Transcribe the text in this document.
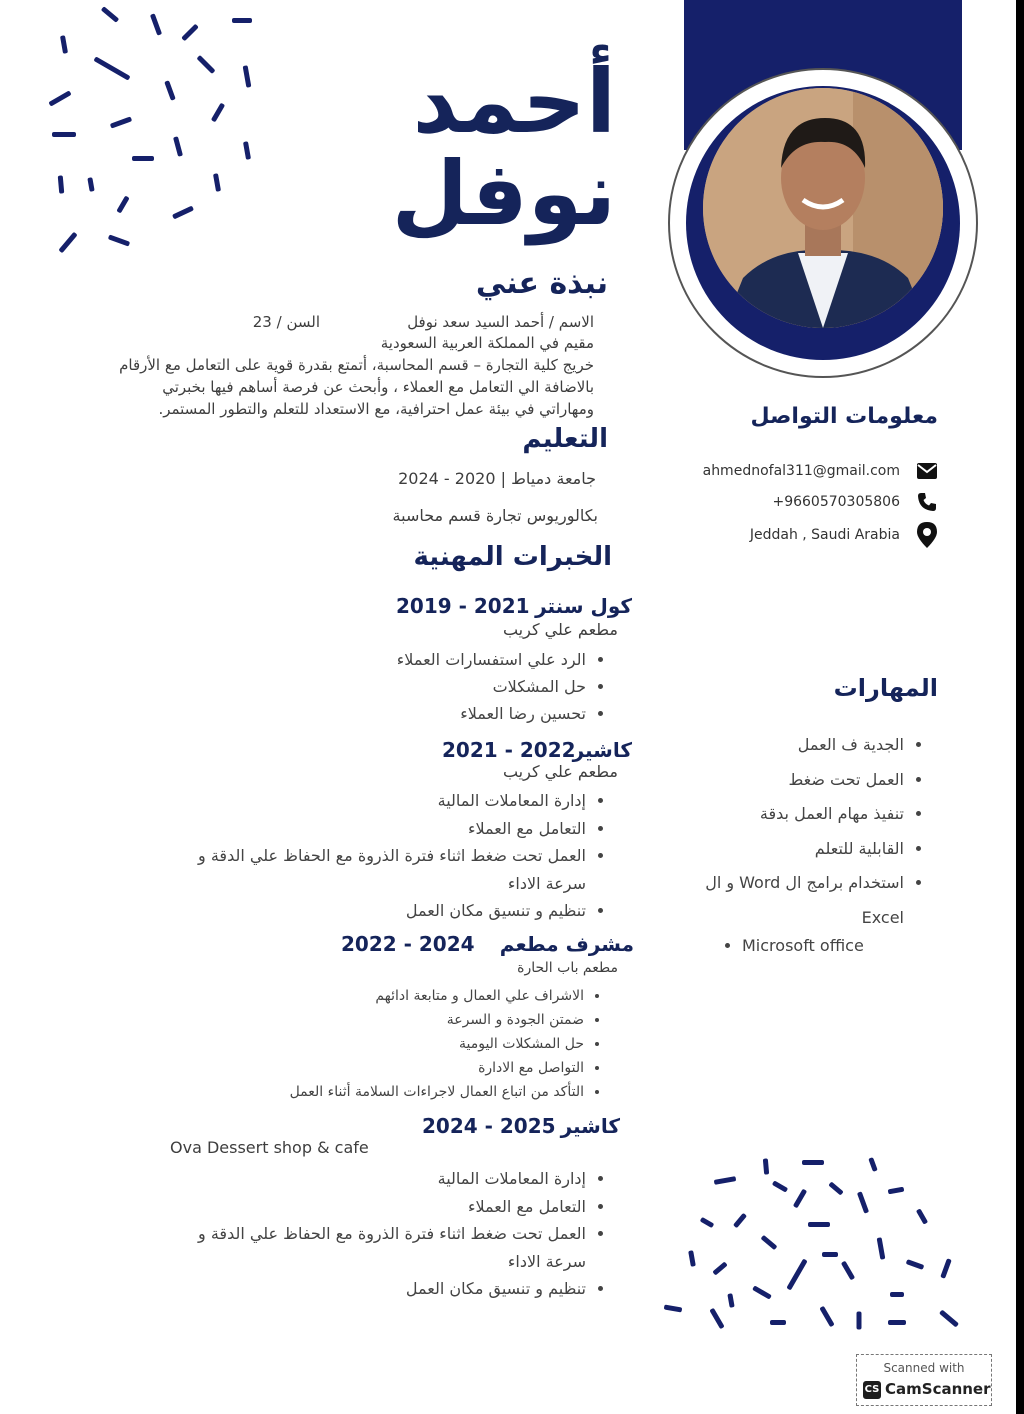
أحمد
نوفل
نبذة عني
الاسم / أحمد السيد سعد نوفل
السن / 23
مقيم في المملكة العربية السعودية
خريج كلية التجارة – قسم المحاسبة، أتمتع بقدرة قوية على التعامل مع الأرقام
بالاضافة الي التعامل مع العملاء ، وأبحث عن فرصة أساهم فيها بخبرتي
ومهاراتي في بيئة عمل احترافية، مع الاستعداد للتعلم والتطور المستمر.
التعليم
جامعة دمياط | 2020 - 2024
بكالوريوس تجارة قسم محاسبة
الخبرات المهنية
كول سنتر
2019 - 2021
مطعم علي كريب
• الرد علي استفسارات العملاء
• حل المشكلات
• تحسين رضا العملاء
كاشير
2021 - 2022
مطعم علي كريب
• إدارة المعاملات المالية
• التعامل مع العملاء
• العمل تحت ضغط اثناء فترة الذروة مع الحفاظ علي الدقة و سرعة الاداء
• تنظيم و تنسيق مكان العمل
مشرف مطعم
2022 - 2024
مطعم باب الحارة
• الاشراف علي العمال و متابعة ادائهم
• ضمتن الجودة و السرعة
• حل المشكلات اليومية
• التواصل مع الادارة
• التأكد من اتباع العمال لاجراءات السلامة أثناء العمل
كاشير
2024 - 2025
Ova Dessert shop & cafe
• إدارة المعاملات المالية
• التعامل مع العملاء
• العمل تحت ضغط اثناء فترة الذروة مع الحفاظ علي الدقة و سرعة الاداء
• تنظيم و تنسيق مكان العمل
معلومات التواصل
ahmednofal311@gmail.com
+9660570305806
Jeddah , Saudi Arabia
المهارات
• الجدية ف العمل
• العمل تحت ضغط
• تنفيذ مهام العمل بدقة
• القابلية للتعلم
• استخدام برامج ال Word و ال Excel
• Microsoft office
Scanned with
CS CamScanner
